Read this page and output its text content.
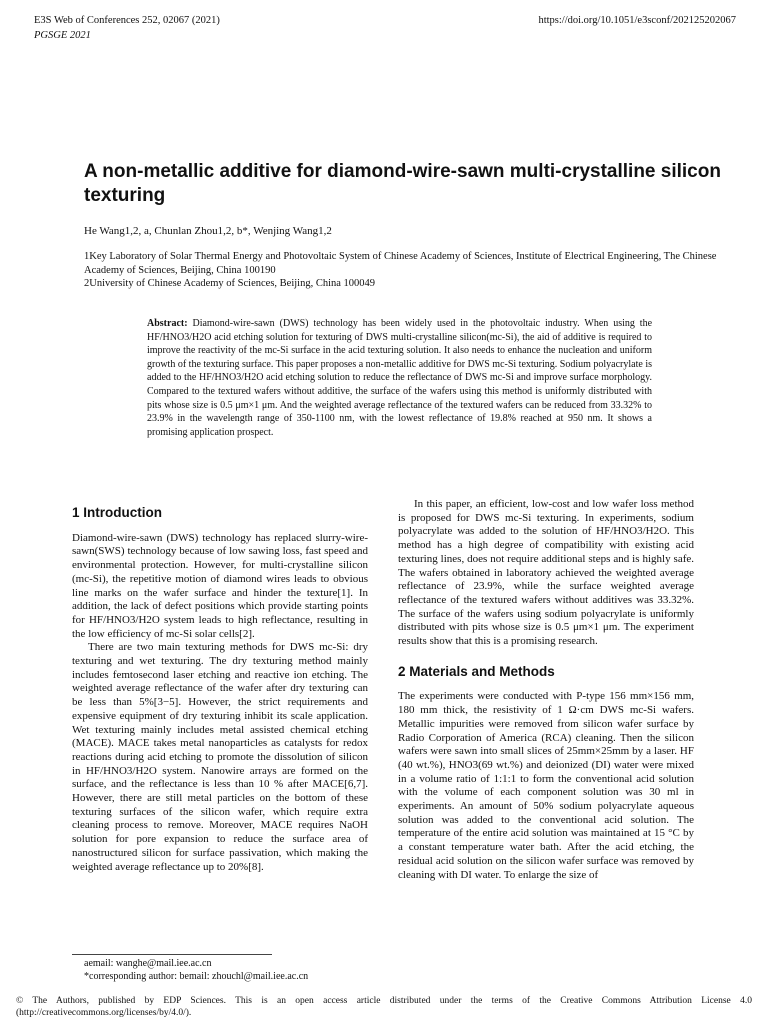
E3S Web of Conferences 252, 02067 (2021)
PGSGE 2021
https://doi.org/10.1051/e3sconf/202125202067
A non-metallic additive for diamond-wire-sawn multi-crystalline silicon texturing
He Wang1,2, a, Chunlan Zhou1,2, b*, Wenjing Wang1,2
1Key Laboratory of Solar Thermal Energy and Photovoltaic System of Chinese Academy of Sciences, Institute of Electrical Engineering, The Chinese Academy of Sciences, Beijing, China 100190
2University of Chinese Academy of Sciences, Beijing, China 100049
Abstract: Diamond-wire-sawn (DWS) technology has been widely used in the photovoltaic industry. When using the HF/HNO3/H2O acid etching solution for texturing of DWS multi-crystalline silicon(mc-Si), the aid of additive is required to improve the reactivity of the mc-Si surface in the acid texturing solution. It also needs to enhance the nucleation and uniform growth of the texturing surface. This paper proposes a non-metallic additive for DWS mc-Si texturing. Sodium polyacrylate is added to the HF/HNO3/H2O acid etching solution to reduce the reflectance of DWS mc-Si and improve surface morphology. Compared to the textured wafers without additive, the surface of the wafers using this method is uniformly distributed with pits whose size is 0.5 μm×1 μm. And the weighted average reflectance of the textured wafers can be reduced from 33.32% to 23.9% in the wavelength range of 350-1100 nm, with the lowest reflectance of 19.8% reached at 950 nm. It shows a promising application prospect.
1 Introduction

Diamond-wire-sawn (DWS) technology has replaced slurry-wire-sawn(SWS) technology because of low sawing loss, fast speed and environmental protection. However, for multi-crystalline silicon (mc-Si), the repetitive motion of diamond wires leads to obvious line marks on the wafer surface and hinder the texture[1]. In addition, the lack of defect positions which provide starting points for HF/HNO3/H2O system leads to high reflectance, resulting in the low efficiency of mc-Si solar cells[2].

There are two main texturing methods for DWS mc-Si: dry texturing and wet texturing. The dry texturing method mainly includes femtosecond laser etching and reactive ion etching. The weighted average reflectance of the wafer after dry texturing can be less than 5%[3−5]. However, the strict requirements and expensive equipment of dry texturing inhibit its scale application. Wet texturing mainly includes metal assisted chemical etching (MACE). MACE takes metal nanoparticles as catalysts for redox reactions during acid etching to promote the dissolution of silicon in HF/HNO3/H2O system. Nanowire arrays are formed on the surface, and the reflectance is less than 10 % after MACE[6,7]. However, there are still metal particles on the bottom of these texturing surfaces of the silicon wafer, which require extra cleaning process to remove. Moreover, MACE requires NaOH solution for pore expansion to reduce the surface area of nanostructured silicon for surface passivation, which making the weighted average reflectance up to 20%[8].

In this paper, an efficient, low-cost and low wafer loss method is proposed for DWS mc-Si texturing. In experiments, sodium polyacrylate was added to the solution of HF/HNO3/H2O. This method has a high degree of compatibility with existing acid texturing lines, does not require additional steps and is highly safe. The wafers obtained in laboratory achieved the weighted average reflectance of 23.9%, while the surface weighted average reflectance of the textured wafers without additives was 33.32%. The surface of the wafers using sodium polyacrylate is uniformly distributed with pits whose size is 0.5 μm×1 μm. The experiment results show that this is a promising research.

2 Materials and Methods

The experiments were conducted with P-type 156 mm×156 mm, 180 mm thick, the resistivity of 1 Ω·cm DWS mc-Si wafers. Metallic impurities were removed from silicon wafer surface by Radio Corporation of America (RCA) cleaning. Then the silicon wafers were sawn into small slices of 25mm×25mm by a laser. HF (40 wt.%), HNO3(69 wt.%) and deionized (DI) water were mixed in a volume ratio of 1:1:1 to form the conventional acid solution with the volume of each component solution was 30 ml in experiments. An amount of 50% sodium polyacrylate aqueous solution was added to the conventional acid solution. The temperature of the entire acid solution was maintained at 15 °C by a constant temperature water bath. After the acid etching, the residual acid solution on the silicon wafer surface was removed by cleaning with DI water. To enlarge the size of

aemail: wanghe@mail.iee.ac.cn
*corresponding author: bemail: zhouchl@mail.iee.ac.cn
© The Authors, published by EDP Sciences. This is an open access article distributed under the terms of the Creative Commons Attribution License 4.0 (http://creativecommons.org/licenses/by/4.0/).
